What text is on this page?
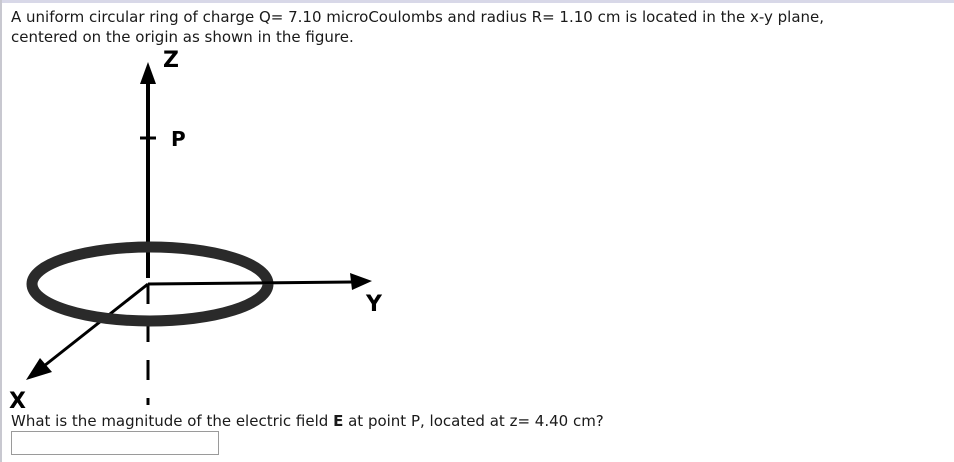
A uniform circular ring of charge Q= 7.10 microCoulombs and radius R= 1.10 cm is located in the x-y plane,

centered on the origin as shown in the figure.

Z
P
Y
X

What is the magnitude of the electric field E at point P, located at z= 4.40 cm?
